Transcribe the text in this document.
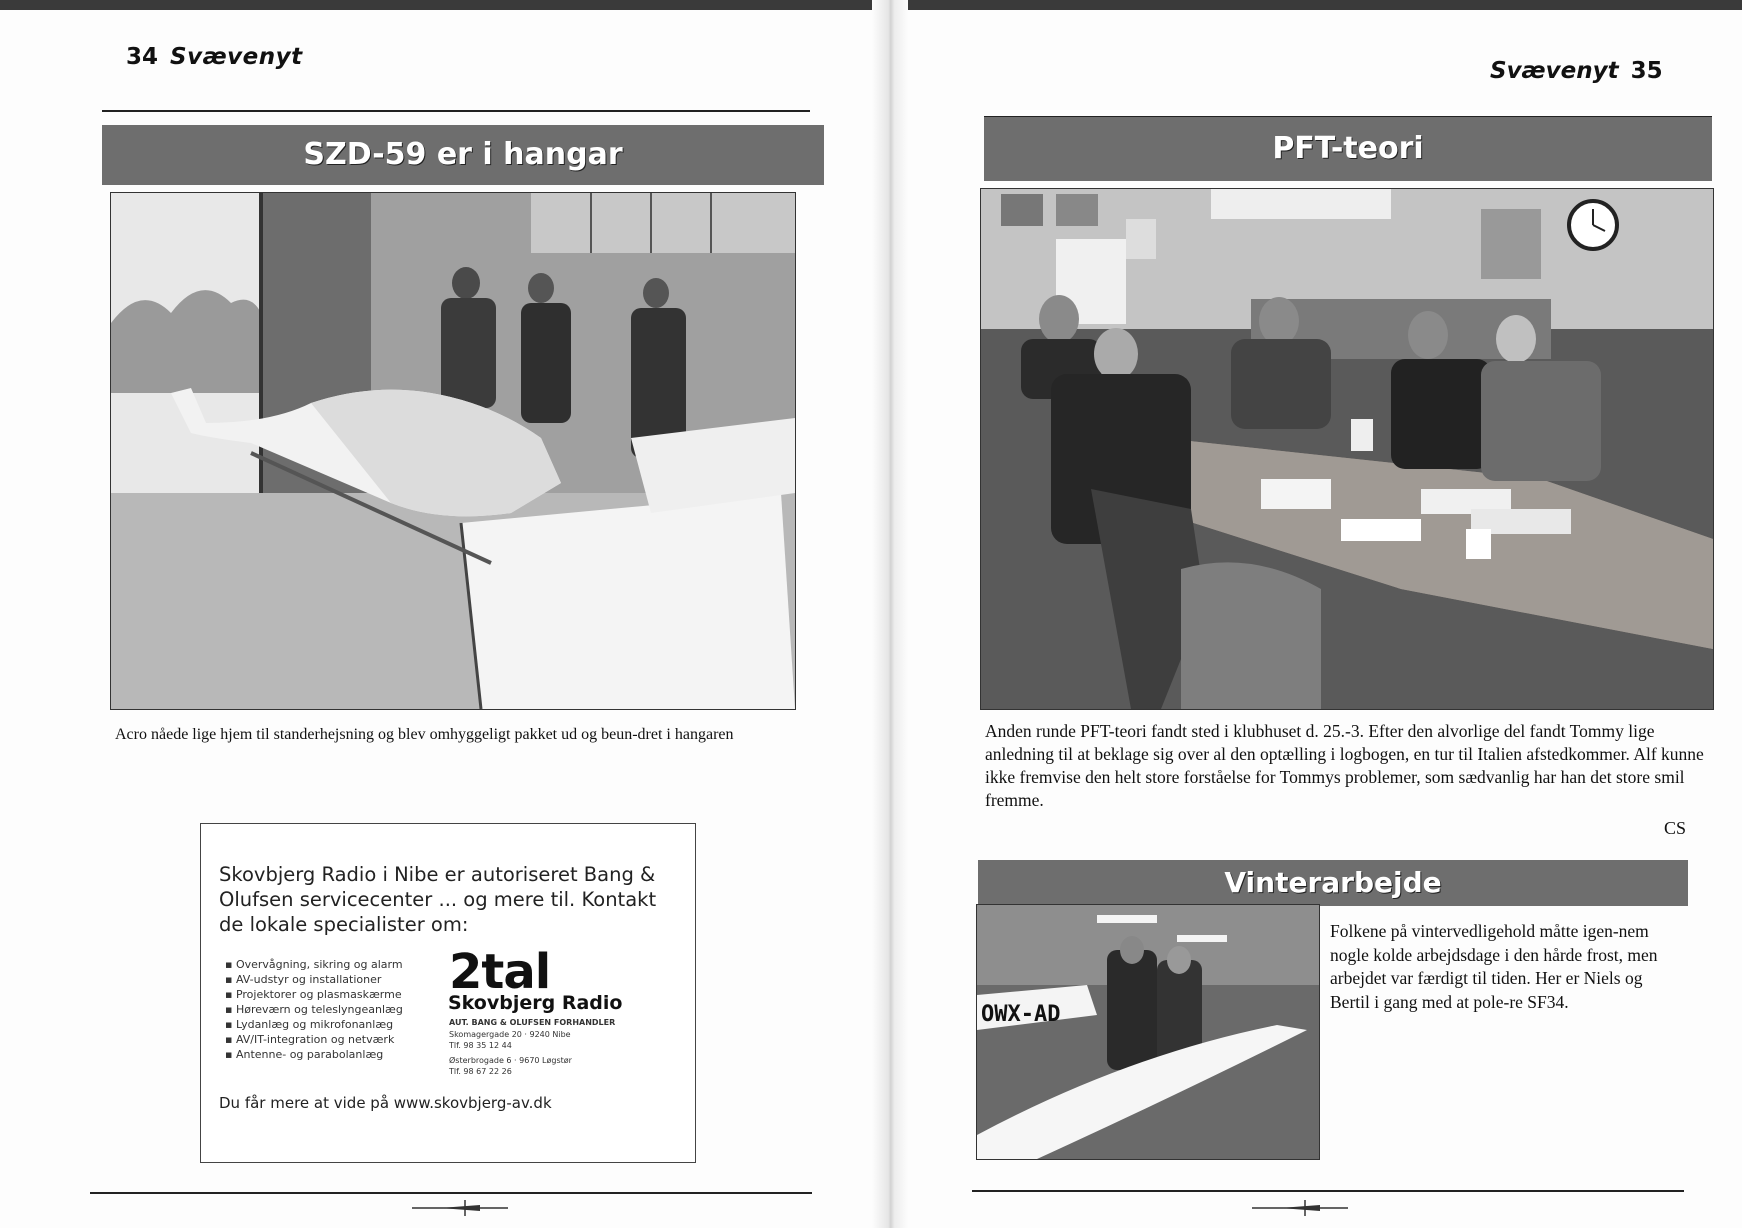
34 Svævenyt
SZD-59 er i hangar
Acro nåede lige hjem til standerhejsning og blev omhyggeligt pakket ud og beun-dret i hangaren
Skovbjerg Radio i Nibe er autoriseret Bang & Olufsen servicecenter ... og mere til. Kontakt de lokale specialister om:
▪ Overvågning, sikring og alarm
▪ AV-udstyr og installationer
▪ Projektorer og plasmaskærme
▪ Høreværn og teleslyngeanlæg
▪ Lydanlæg og mikrofonanlæg
▪ AV/IT-integration og netværk
▪ Antenne- og parabolanlæg
2tal
Skovbjerg Radio
AUT. BANG & OLUFSEN FORHANDLER
Skomagergade 20 · 9240 Nibe
Tlf. 98 35 12 44
Østerbrogade 6 · 9670 Løgstør
Tlf. 98 67 22 26
Du får mere at vide på www.skovbjerg-av.dk
Svævenyt 35
PFT-teori
Anden runde PFT-teori fandt sted i klubhuset d. 25.-3. Efter den alvorlige del fandt Tommy lige anledning til at beklage sig over al den optælling i logbogen, en tur til Italien afstedkommer. Alf kunne ikke fremvise den helt store forståelse for Tommys problemer, som sædvanlig har han det store smil fremme.
CS
Vinterarbejde
OWX-AD
Folkene på vintervedligehold måtte igen-nem nogle kolde arbejdsdage i den hårde frost, men arbejdet var færdigt til tiden. Her er Niels og Bertil i gang med at pole-re SF34.
